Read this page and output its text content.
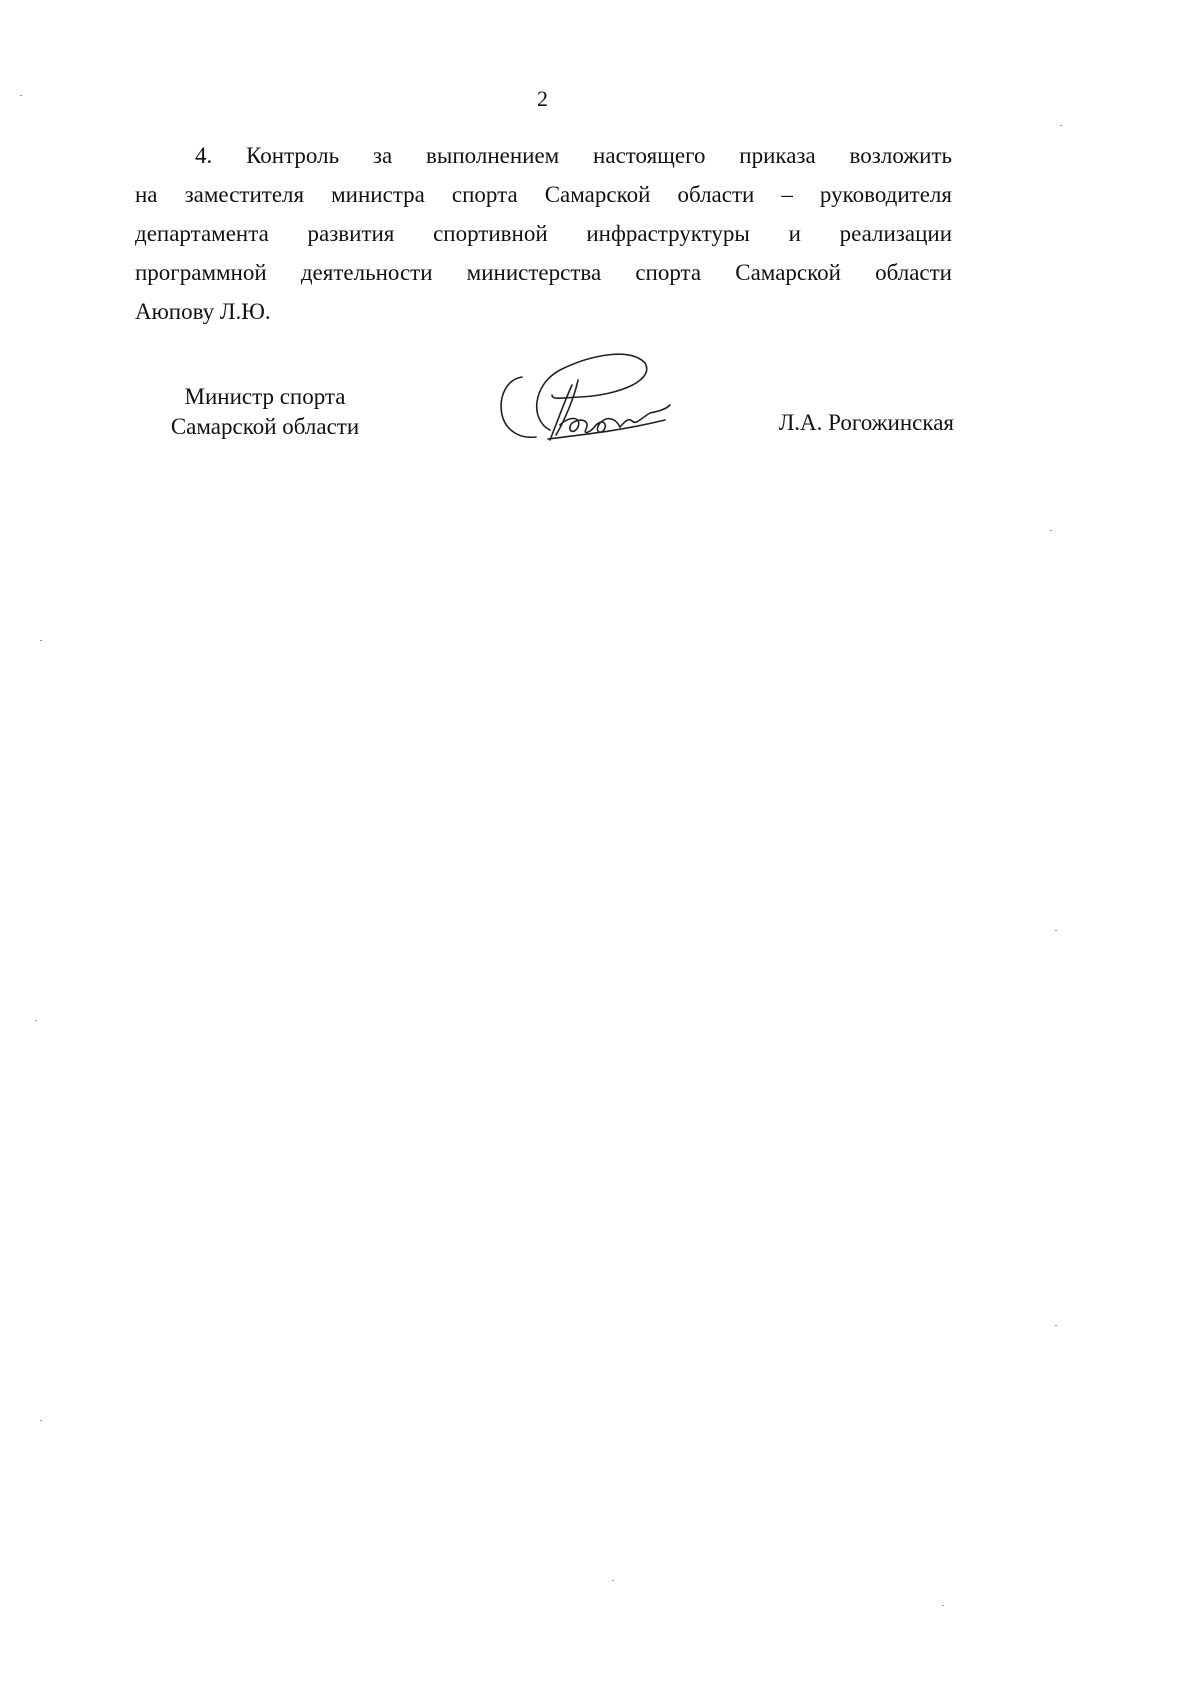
2
4. Контроль за выполнением настоящего приказа возложить
на заместителя министра спорта Самарской области – руководителя
департамента развития спортивной инфраструктуры и реализации
программной деятельности министерства спорта Самарской области
Аюпову Л.Ю.
Министр спорта
Самарской области	Л.А. Рогожинская
